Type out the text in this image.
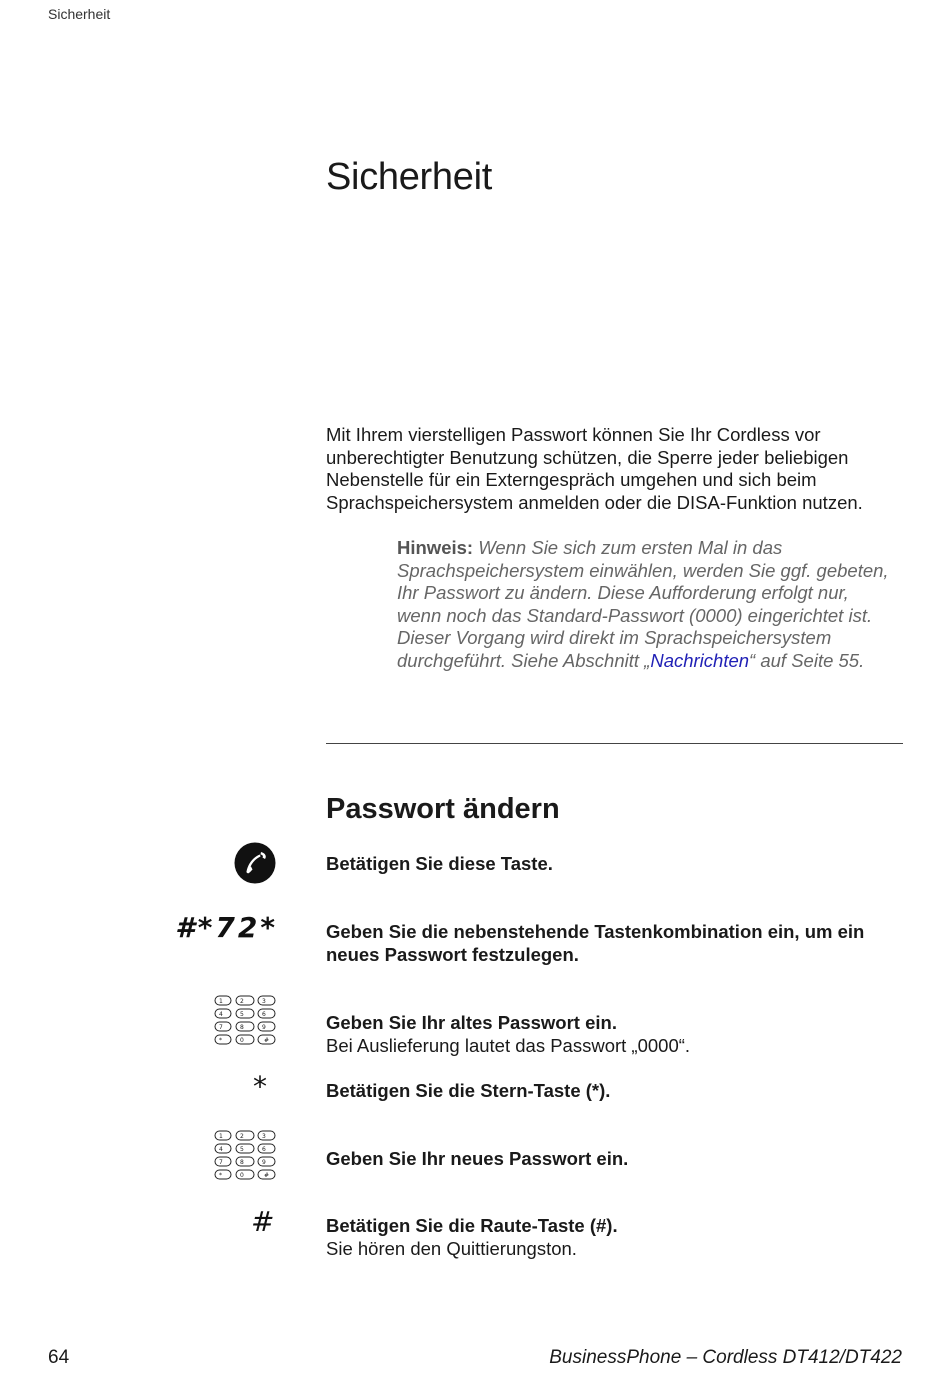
Sicherheit
Sicherheit

Mit Ihrem vierstelligen Passwort können Sie Ihr Cordless vor unberechtigter Benutzung schützen, die Sperre jeder beliebigen Nebenstelle für ein Externgespräch umgehen und sich beim Sprachspeichersystem anmelden oder die DISA-Funktion nutzen.

Hinweis: Wenn Sie sich zum ersten Mal in das Sprachspeichersystem einwählen, werden Sie ggf. gebeten, Ihr Passwort zu ändern. Diese Aufforderung erfolgt nur, wenn noch das Standard-Passwort (0000) eingerichtet ist. Dieser Vorgang wird direkt im Sprachspeichersystem durchgeführt. Siehe Abschnitt „Nachrichten“ auf Seite 55.

Passwort ändern

Betätigen Sie diese Taste.

#*72*	Geben Sie die nebenstehende Tastenkombination ein, um ein neues Passwort festzulegen.

1	2	3
4	5	6
7	8	9
*	0	#

Geben Sie Ihr altes Passwort ein.
Bei Auslieferung lautet das Passwort „0000“.

*	Betätigen Sie die Stern-Taste (*).

1	2	3
4	5	6
7	8	9
*	0	#

Geben Sie Ihr neues Passwort ein.

#	Betätigen Sie die Raute-Taste (#).
Sie hören den Quittierungston.

64	BusinessPhone – Cordless DT412/DT422
